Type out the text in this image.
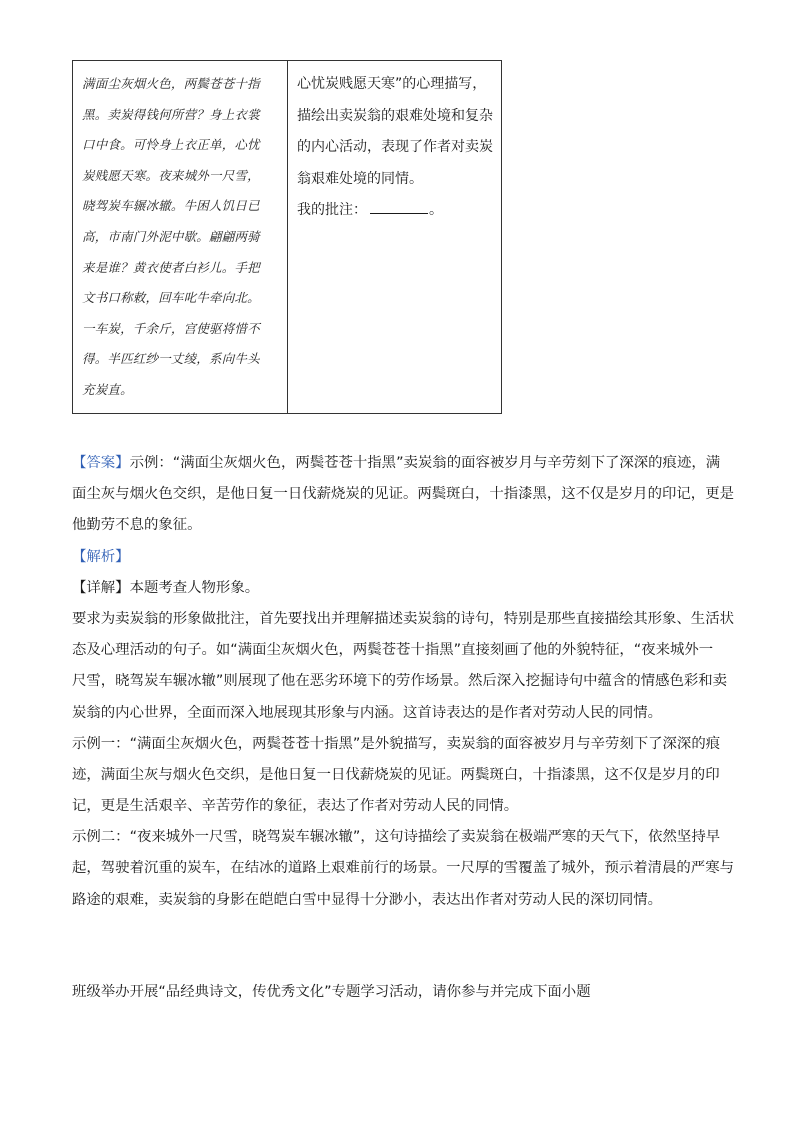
满面尘灰烟火色，两鬓苍苍十指
黑。卖炭得钱何所营？身上衣裳
口中食。可怜身上衣正单，心忧
炭贱愿天寒。夜来城外一尺雪，
晓驾炭车辗冰辙。牛困人饥日已
高，市南门外泥中歇。翩翩两骑
来是谁？黄衣使者白衫儿。手把
文书口称敕，回车叱牛牵向北。
一车炭，千余斤，宫使驱将惜不
得。半匹红纱一丈绫，系向牛头
充炭直。
心忧炭贱愿天寒”的心理描写，
描绘出卖炭翁的艰难处境和复杂
的内心活动，表现了作者对卖炭
翁艰难处境的同情。
我的批注：	。
【答案】示例：“满面尘灰烟火色，两鬓苍苍十指黑”卖炭翁的面容被岁月与辛劳刻下了深深的痕迹，满
面尘灰与烟火色交织，是他日复一日伐薪烧炭的见证。两鬓斑白，十指漆黑，这不仅是岁月的印记，更是
他勤劳不息的象征。
【解析】
【详解】本题考查人物形象。
要求为卖炭翁的形象做批注，首先要找出并理解描述卖炭翁的诗句，特别是那些直接描绘其形象、生活状
态及心理活动的句子。如“满面尘灰烟火色，两鬓苍苍十指黑”直接刻画了他的外貌特征，“夜来城外一
尺雪，晓驾炭车辗冰辙”则展现了他在恶劣环境下的劳作场景。然后深入挖掘诗句中蕴含的情感色彩和卖
炭翁的内心世界，全面而深入地展现其形象与内涵。这首诗表达的是作者对劳动人民的同情。
示例一：“满面尘灰烟火色，两鬓苍苍十指黑”是外貌描写，卖炭翁的面容被岁月与辛劳刻下了深深的痕
迹，满面尘灰与烟火色交织，是他日复一日伐薪烧炭的见证。两鬓斑白，十指漆黑，这不仅是岁月的印
记，更是生活艰辛、辛苦劳作的象征，表达了作者对劳动人民的同情。
示例二：“夜来城外一尺雪，晓驾炭车辗冰辙”，这句诗描绘了卖炭翁在极端严寒的天气下，依然坚持早
起，驾驶着沉重的炭车，在结冰的道路上艰难前行的场景。一尺厚的雪覆盖了城外，预示着清晨的严寒与
路途的艰难，卖炭翁的身影在皑皑白雪中显得十分渺小，表达出作者对劳动人民的深切同情。
班级举办开展“品经典诗文，传优秀文化”专题学习活动，请你参与并完成下面小题
